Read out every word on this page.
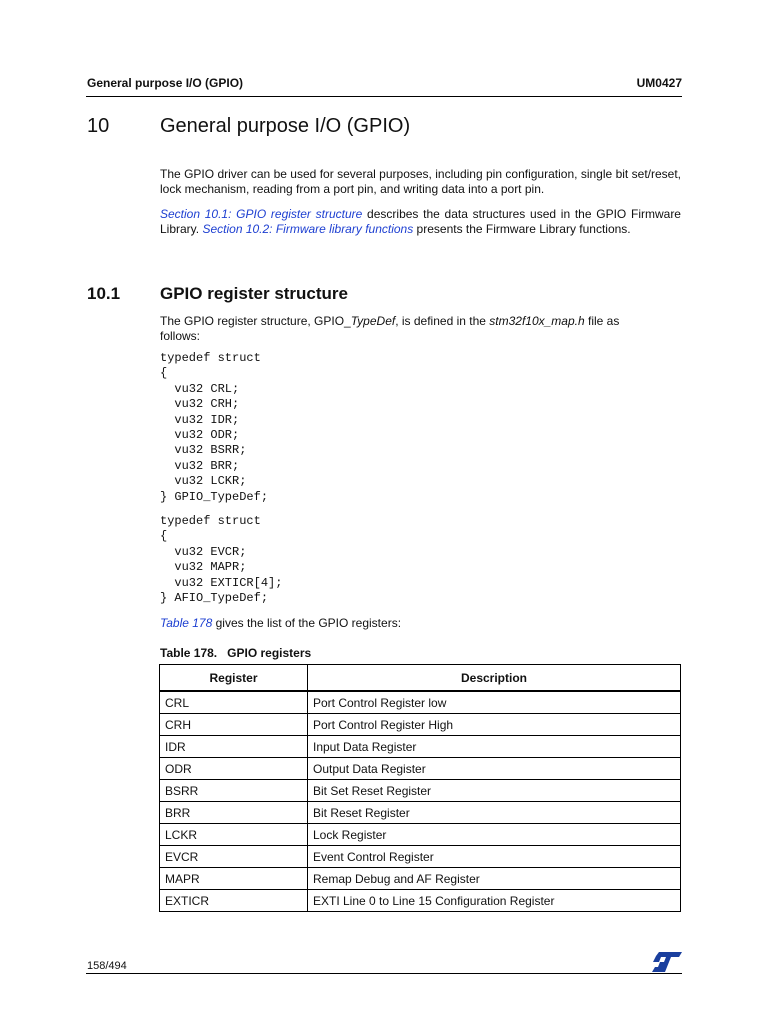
General purpose I/O (GPIO)	UM0427
10	General purpose I/O (GPIO)
The GPIO driver can be used for several purposes, including pin configuration, single bit set/reset, lock mechanism, reading from a port pin, and writing data into a port pin.
Section 10.1: GPIO register structure describes the data structures used in the GPIO Firmware Library. Section 10.2: Firmware library functions presents the Firmware Library functions.
10.1 GPIO register structure
The GPIO register structure, GPIO_TypeDef, is defined in the stm32f10x_map.h file as follows:
typedef struct
{
vu32 CRL;
vu32 CRH;
vu32 IDR;
vu32 ODR;
vu32 BSRR;
vu32 BRR;
vu32 LCKR;
} GPIO_TypeDef;
typedef struct
{
vu32 EVCR;
vu32 MAPR;
vu32 EXTICR[4];
} AFIO_TypeDef;
Table 178 gives the list of the GPIO registers:
Table 178. GPIO registers
Register	Description
CRL	Port Control Register low
CRH	Port Control Register High
IDR	Input Data Register
ODR	Output Data Register
BSRR	Bit Set Reset Register
BRR	Bit Reset Register
LCKR	Lock Register
EVCR	Event Control Register
MAPR	Remap Debug and AF Register
EXTICR	EXTI Line 0 to Line 15 Configuration Register
158/494
